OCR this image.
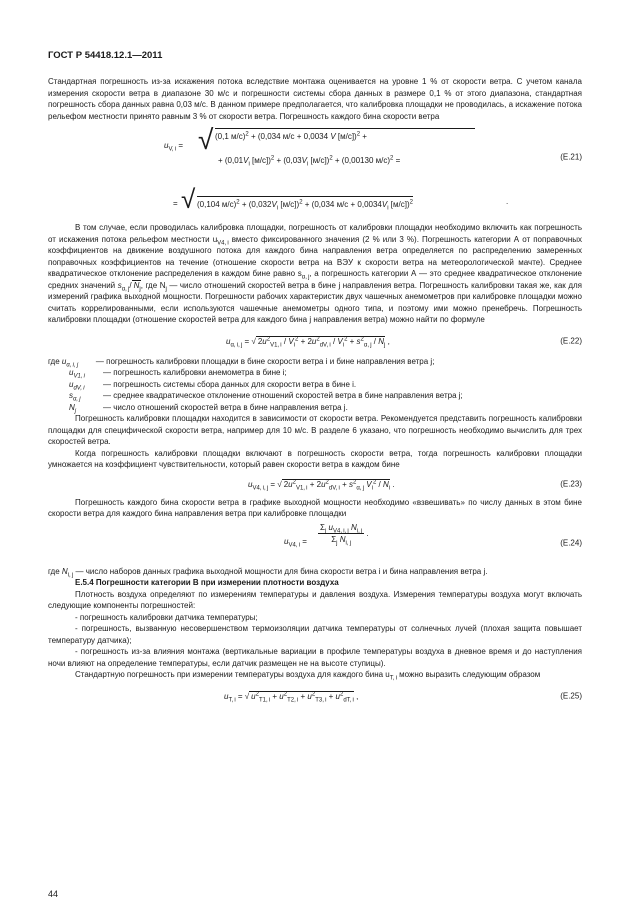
ГОСТ Р 54418.12.1—2011

Стандартная погрешность из-за искажения потока вследствие монтажа оценивается на уровне 1 % от скорости ветра. С учетом канала измерения скорости ветра в диапазоне 30 м/с и погрешности системы сбора данных в размере 0,1 % от этого диапазона, стандартная погрешность сбора данных равна 0,03 м/с. В данном примере предполагается, что калибровка площадки не проводилась, а искажение потока рельефом местности принято равным 3 % от скорости ветра. Погрешность каждого бина скорости ветра

$u_{V, i}$ = √ (0,1 м/с)$^2$ + (0,034 м/с + 0,0034 V [м/с])$^2$ +
+ ($0,01V_i$ $[м/с])^2 + (0,03V_i$ [м/с])$^2$ + (0,00130 м/с)$^2$ =	(Е.21)
= √ (0,104 $м/с)^2 + (0,032V_i$ [м/с])$^2$ + (0,034 $м/с + 0,0034V_i$ [м/с])$^2$	.

В том случае, если проводилась калибровка площадки, погрешность от калибровки площадки необходимо включить как погрешность от искажения потока рельефом местности $u_{V4, i}$ вместо фиксированного значения (2 % или 3 %). Погрешность категории А от поправочных коэффициентов на движение воздушного потока для каждого бина направления ветра определяется по распределению замеренных поправочных коэффициентов на течение (отношение скорости ветра на ВЭУ к скорости ветра на метеорологической мачте). Среднее квадратическое отклонение распределения в каждом бине равно $s_{\alpha, j}$, а погрешность категории А — это среднее квадратическое отклонение средних значений $s_{\alpha, j}/$ $N_j$, где $N_j$ — число отношений скоростей ветра в бине j направления ветра. Погрешность калибровки такая же, как для измерений графика выходной мощности. Погрешности рабочих характеристик двух чашечных анемометров при калибровке площадки можно считать коррелированными, если используются чашечные анемометры одного типа, и поэтому ими можно пренебречь. Погрешность калибровки площадки (отношение скоростей ветра для каждого бина j направления ветра) можно найти по формуле

$u_{\alpha, i, j}$ = √ $2u^2_{V1, i} / V_i^2 + 2u^2_{dV, i} / V_i^2 + s^2_{\alpha, j} / N_j$ ,	(Е.22)
где $u_{\alpha, i, j}$ — погрешность калибровки площадки в бине скорости ветра i и бине направления ветра j;
$u_{V1, i}$ — погрешность калибровки анемометра в бине i;
$u_{dV, i}$ — погрешность системы сбора данных для скорости ветра в бине i.
$s_{\alpha, j}$	— среднее квадратическое отклонение отношений скоростей ветра в бине направления ветра j;
$N_j$	— число отношений скоростей ветра в бине направления ветра j.

Погрешность калибровки площадки находится в зависимости от скорости ветра. Рекомендуется представить погрешность калибровки площадки для специфической скорости ветра, например для 10 м/с. В разделе 6 указано, что погрешность необходимо вычислить для трех скоростей ветра.

Когда погрешность калибровки площадки включают в погрешность скорости ветра, тогда погрешность калибровки площадки умножается на коэффициент чувствительности, который равен скорости ветра в каждом бине

$u_{V4, i, j}$ = √ $2u^2_{V1, i} + 2u^2_{dV, i} + s^2_{\alpha, j}$ $V_i^2 / N_i$ .	(Е.23)

Погрешность каждого бина скорости ветра в графике выходной мощности необходимо «взвешивать» по числу данных в этом бине скорости ветра для каждого бина направления ветра при калибровке площадки

$u_{V4, i} = \frac{\Sigma_j u_{V4, i, j} N_{i, j}}{\Sigma_j N_{i, j}}$ .
(Е.24)

где $N_{i, j}$ — число наборов данных графика выходной мощности для бина скорости ветра i и бина направления ветра j.

Е.5.4 Погрешности категории В при измерении плотности воздуха

Плотность воздуха определяют по измерениям температуры и давления воздуха. Измерения температуры воздуха могут включать следующие компоненты погрешностей:

- погрешность калибровки датчика температуры;

- погрешность, вызванную несовершенством термоизоляции датчика температуры от солнечных лучей (плохая защита повышает температуру датчика);

- погрешность из-за влияния монтажа (вертикальные вариации в профиле температуры воздуха в дневное время и до наступления ночи влияют на определение температуры, если датчик размещен не на высоте ступицы).

Стандартную погрешность при измерении температуры воздуха для каждого бина $u_{T, i}$ можно выразить следующим образом

$u_{T, i}$ = √ $u^2_{T1, i} + u^2_{T2, i} + u^2_{T3, i} + u^2_{dT, i}$ ,	(Е.25)
44
